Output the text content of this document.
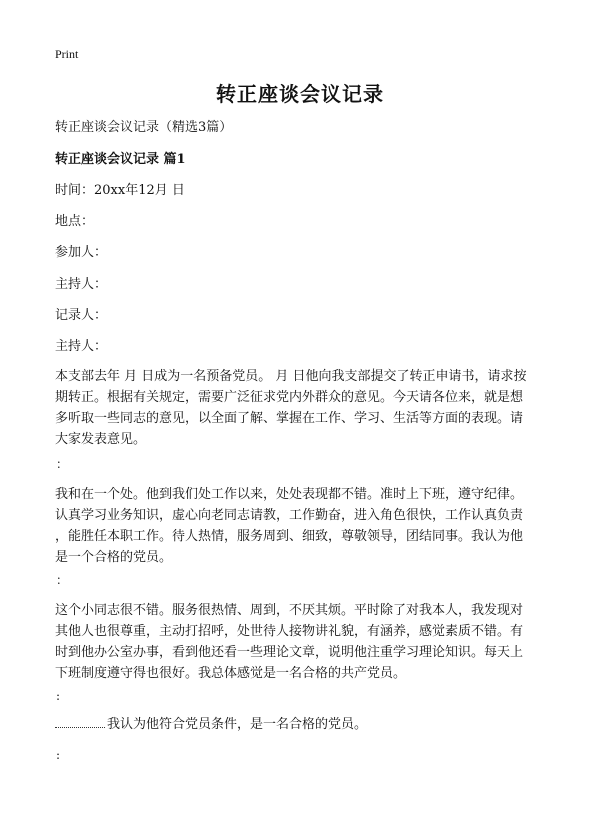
Print
转正座谈会议记录
转正座谈会议记录（精选3篇）
转正座谈会议记录 篇1
时间：20xx年12月 日
地点：
参加人：
主持人：
记录人：
主持人：
本支部去年 月 日成为一名预备党员。 月 日他向我支部提交了转正申请书，请求按
期转正。根据有关规定，需要广泛征求党内外群众的意见。今天请各位来，就是想
多听取一些同志的意见，以全面了解、掌握在工作、学习、生活等方面的表现。请
大家发表意见。
：
我和在一个处。他到我们处工作以来，处处表现都不错。准时上下班，遵守纪律。
认真学习业务知识，虚心向老同志请教，工作勤奋，进入角色很快，工作认真负责
，能胜任本职工作。待人热情，服务周到、细致，尊敬领导，团结同事。我认为他
是一个合格的党员。
：
这个小同志很不错。服务很热情、周到，不厌其烦。平时除了对我本人，我发现对
其他人也很尊重，主动打招呼，处世待人接物讲礼貌，有涵养，感觉素质不错。有
时到他办公室办事，看到他还看一些理论文章，说明他注重学习理论知识。每天上
下班制度遵守得也很好。我总体感觉是一名合格的共产党员。
:
我认为他符合党员条件，是一名合格的党员。
:
